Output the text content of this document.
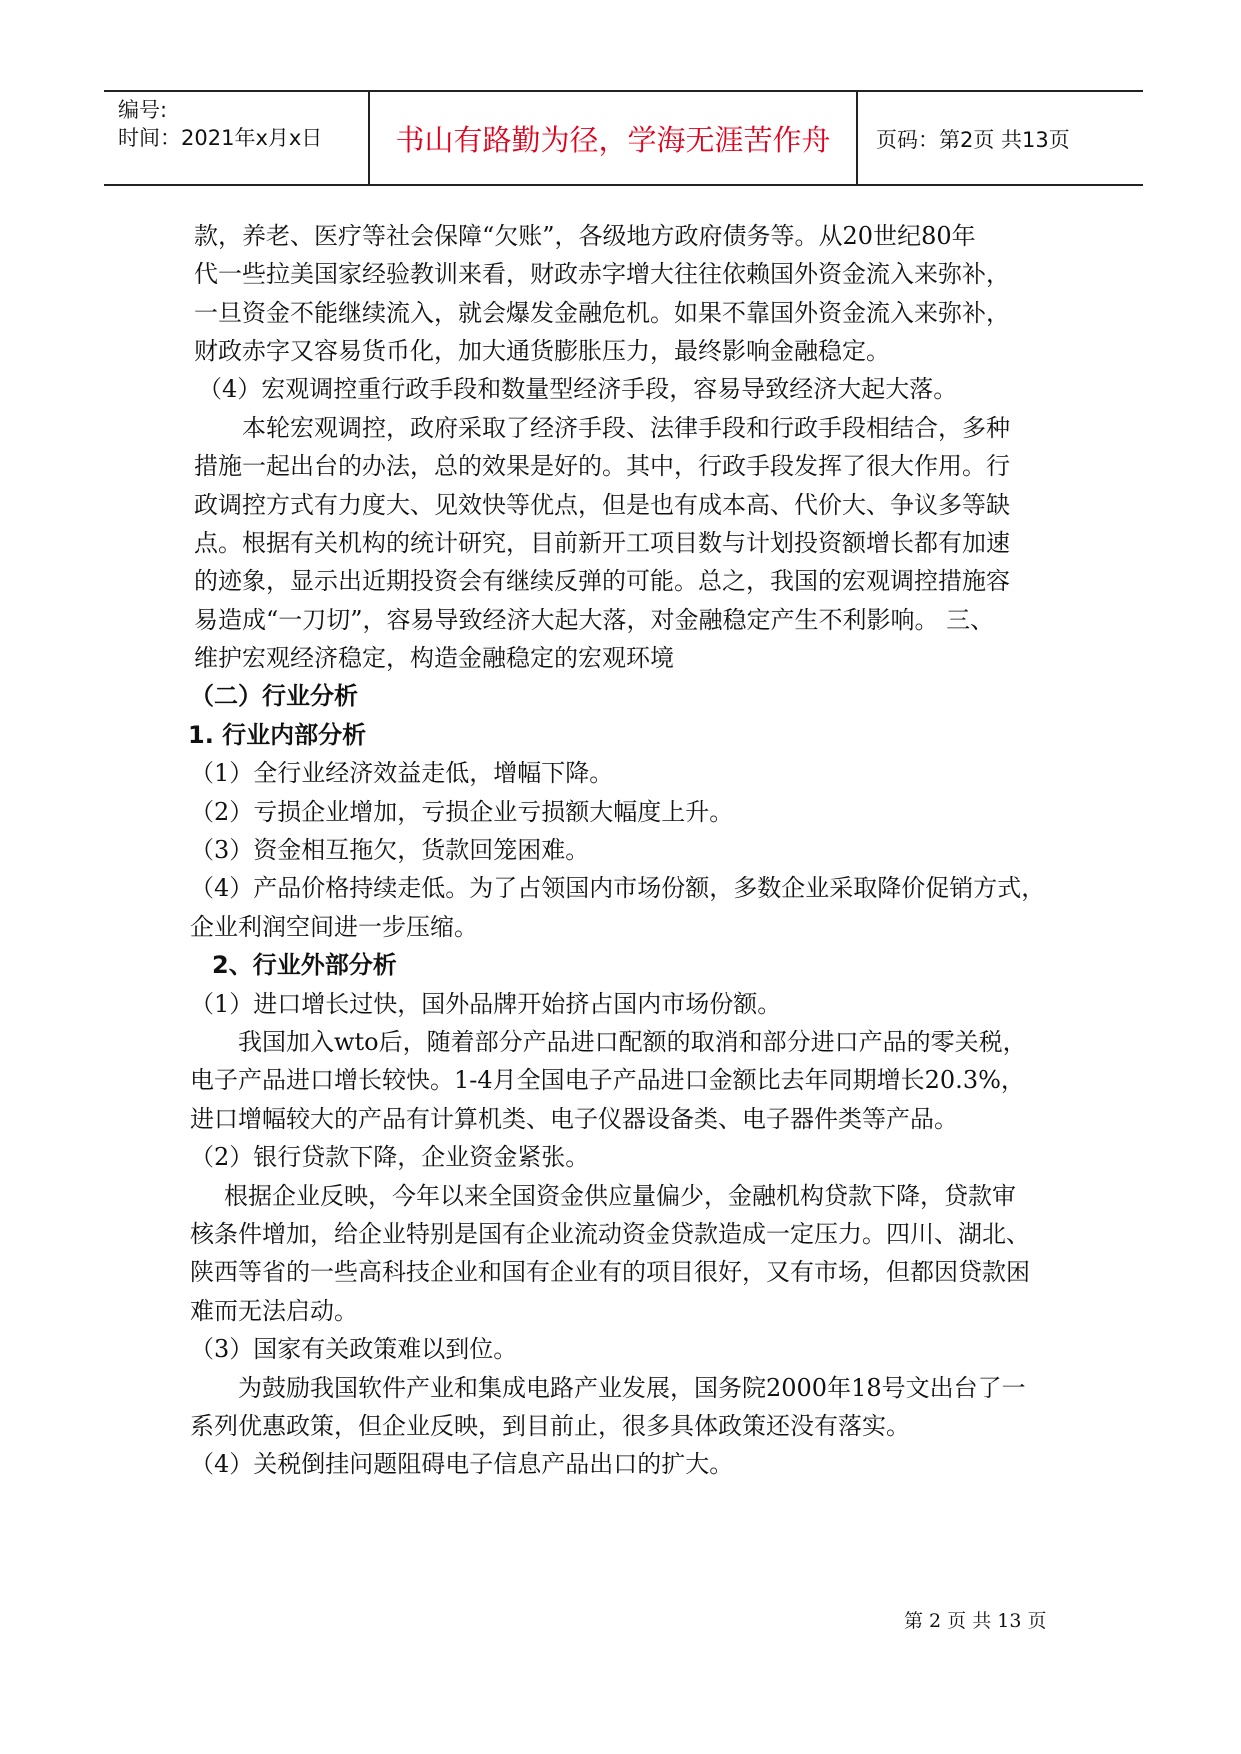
编号:
时间：2021年x月x日	书山有路勤为径，学海无涯苦作舟	页码：第2页 共13页
款，养老、医疗等社会保障“欠账”，各级地方政府债务等。从20世纪80年
代一些拉美国家经验教训来看，财政赤字增大往往依赖国外资金流入来弥补，
一旦资金不能继续流入，就会爆发金融危机。如果不靠国外资金流入来弥补，
财政赤字又容易货币化，加大通货膨胀压力，最终影响金融稳定。
（4）宏观调控重行政手段和数量型经济手段，容易导致经济大起大落。
本轮宏观调控，政府采取了经济手段、法律手段和行政手段相结合，多种
措施一起出台的办法，总的效果是好的。其中，行政手段发挥了很大作用。行
政调控方式有力度大、见效快等优点，但是也有成本高、代价大、争议多等缺
点。根据有关机构的统计研究，目前新开工项目数与计划投资额增长都有加速
的迹象，显示出近期投资会有继续反弹的可能。总之，我国的宏观调控措施容
易造成“一刀切”，容易导致经济大起大落，对金融稳定产生不利影响。 三、
维护宏观经济稳定，构造金融稳定的宏观环境
（二）行业分析
1. 行业内部分析
（1）全行业经济效益走低，增幅下降。
（2）亏损企业增加，亏损企业亏损额大幅度上升。
（3）资金相互拖欠，货款回笼困难。
（4）产品价格持续走低。为了占领国内市场份额，多数企业采取降价促销方式，
企业利润空间进一步压缩。
2、行业外部分析
（1）进口增长过快，国外品牌开始挤占国内市场份额。
我国加入wto后，随着部分产品进口配额的取消和部分进口产品的零关税，
电子产品进口增长较快。1-4月全国电子产品进口金额比去年同期增长20.3%，
进口增幅较大的产品有计算机类、电子仪器设备类、电子器件类等产品。
（2）银行贷款下降，企业资金紧张。
根据企业反映，今年以来全国资金供应量偏少，金融机构贷款下降，贷款审
核条件增加，给企业特别是国有企业流动资金贷款造成一定压力。四川、湖北、
陕西等省的一些高科技企业和国有企业有的项目很好，又有市场，但都因贷款困
难而无法启动。
（3）国家有关政策难以到位。
为鼓励我国软件产业和集成电路产业发展，国务院2000年18号文出台了一
系列优惠政策，但企业反映，到目前止，很多具体政策还没有落实。
（4）关税倒挂问题阻碍电子信息产品出口的扩大。
第 2 页 共 13 页
